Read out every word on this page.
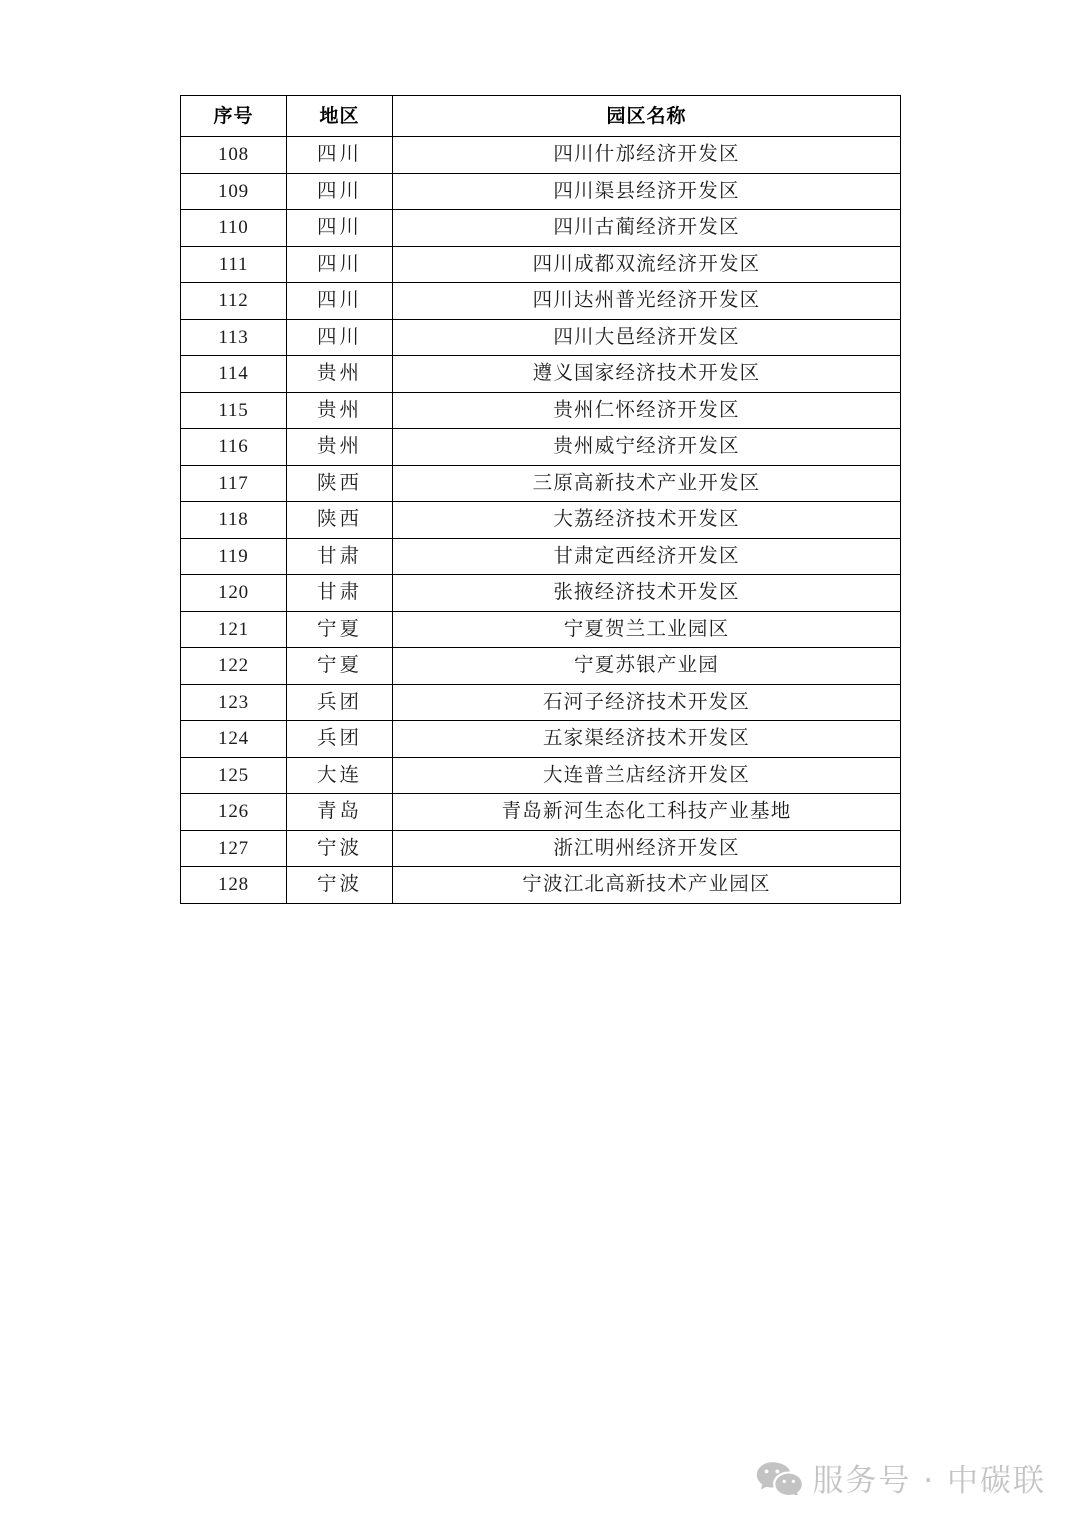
序号	地区	园区名称
108	四川	四川什邡经济开发区
109	四川	四川渠县经济开发区
110	四川	四川古蔺经济开发区
111	四川	四川成都双流经济开发区
112	四川	四川达州普光经济开发区
113	四川	四川大邑经济开发区
114	贵州	遵义国家经济技术开发区
115	贵州	贵州仁怀经济开发区
116	贵州	贵州威宁经济开发区
117	陕西	三原高新技术产业开发区
118	陕西	大荔经济技术开发区
119	甘肃	甘肃定西经济开发区
120	甘肃	张掖经济技术开发区
121	宁夏	宁夏贺兰工业园区
122	宁夏	宁夏苏银产业园
123	兵团	石河子经济技术开发区
124	兵团	五家渠经济技术开发区
125	大连	大连普兰店经济开发区
126	青岛	青岛新河生态化工科技产业基地
127	宁波	浙江明州经济开发区
128	宁波	宁波江北高新技术产业园区
服务号 · 中碳联
